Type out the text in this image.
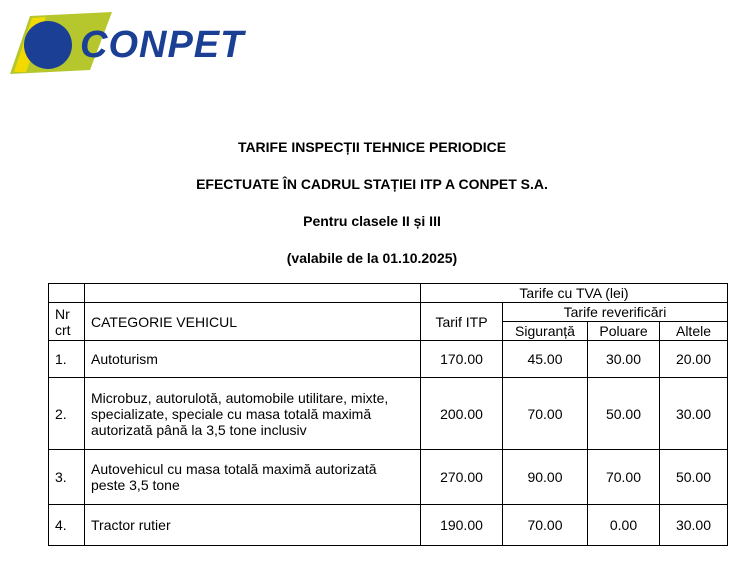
CONPET
TARIFE INSPECȚII TEHNICE PERIODICE
EFECTUATE ÎN CADRUL STAȚIEI ITP A CONPET S.A.
Pentru clasele II și III
(valabile de la 01.10.2025)
		Tarife cu TVA (lei)			
Nr crt	CATEGORIE VEHICUL	Tarif ITP	Tarife reverificări		
			Siguranță	Poluare	Altele
1.	Autoturism	170.00	45.00	30.00	20.00
2.	Microbuz, autorulotă, automobile utilitare, mixte, specializate, speciale cu masa totală maximă autorizată până la 3,5 tone inclusiv	200.00	70.00	50.00	30.00
3.	Autovehicul cu masa totală maximă autorizată peste 3,5 tone	270.00	90.00	70.00	50.00
4.	Tractor rutier	190.00	70.00	0.00	30.00
